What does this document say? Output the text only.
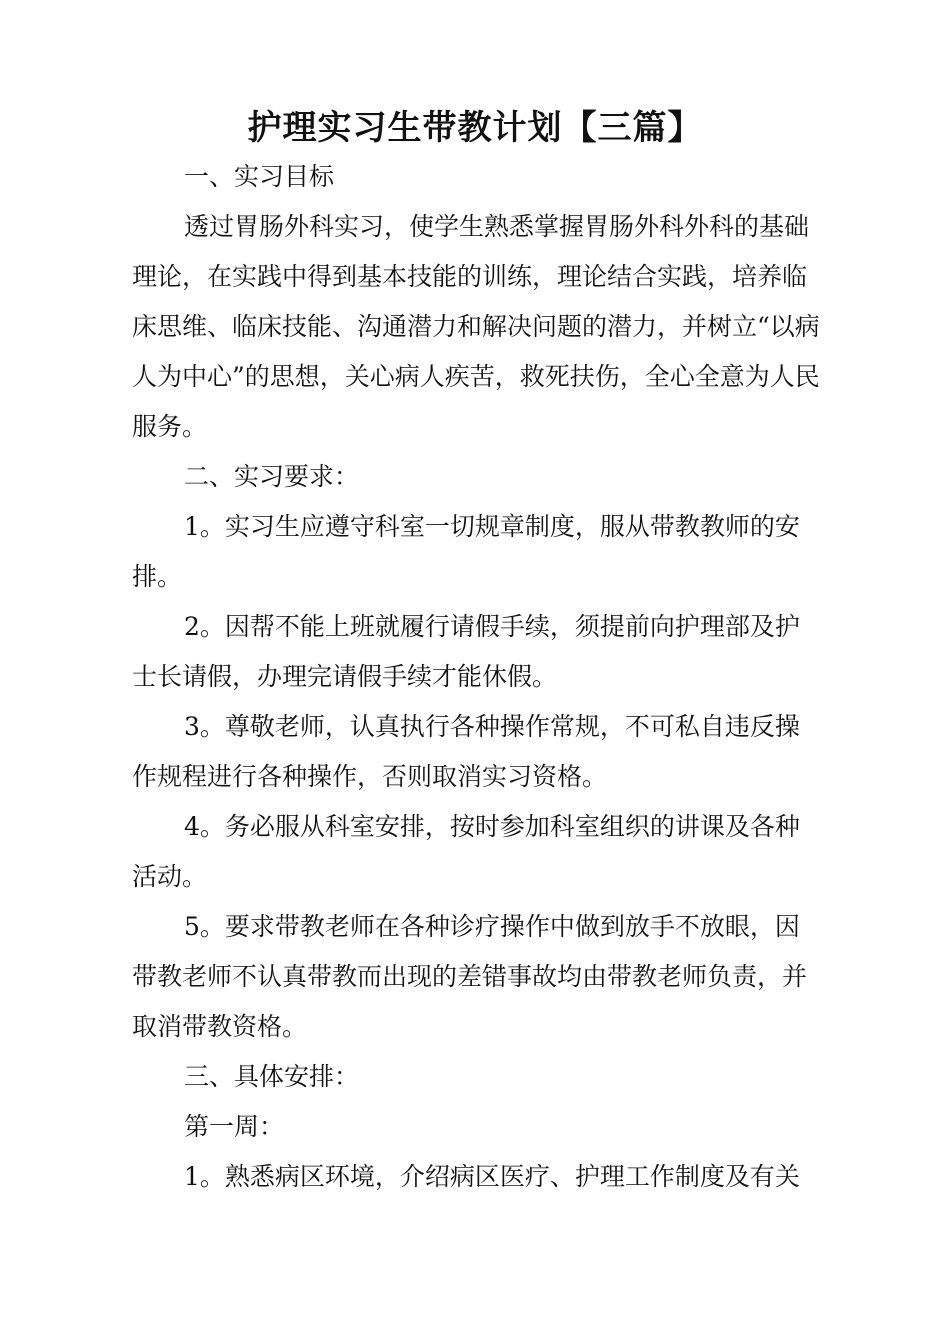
护理实习生带教计划【三篇】

一、实习目标

透过胃肠外科实习，使学生熟悉掌握胃肠外科外科的基础理论，在实践中得到基本技能的训练，理论结合实践，培养临床思维、临床技能、沟通潜力和解决问题的潜力，并树立“以病人为中心”的思想，关心病人疾苦，救死扶伤，全心全意为人民服务。

二、实习要求：

1。实习生应遵守科室一切规章制度，服从带教教师的安排。

2。因帮不能上班就履行请假手续，须提前向护理部及护士长请假，办理完请假手续才能休假。

3。尊敬老师，认真执行各种操作常规，不可私自违反操作规程进行各种操作，否则取消实习资格。

4。务必服从科室安排，按时参加科室组织的讲课及各种活动。

5。要求带教老师在各种诊疗操作中做到放手不放眼，因带教老师不认真带教而出现的差错事故均由带教老师负责，并取消带教资格。

三、具体安排：

第一周：

1。熟悉病区环境，介绍病区医疗、护理工作制度及有关
